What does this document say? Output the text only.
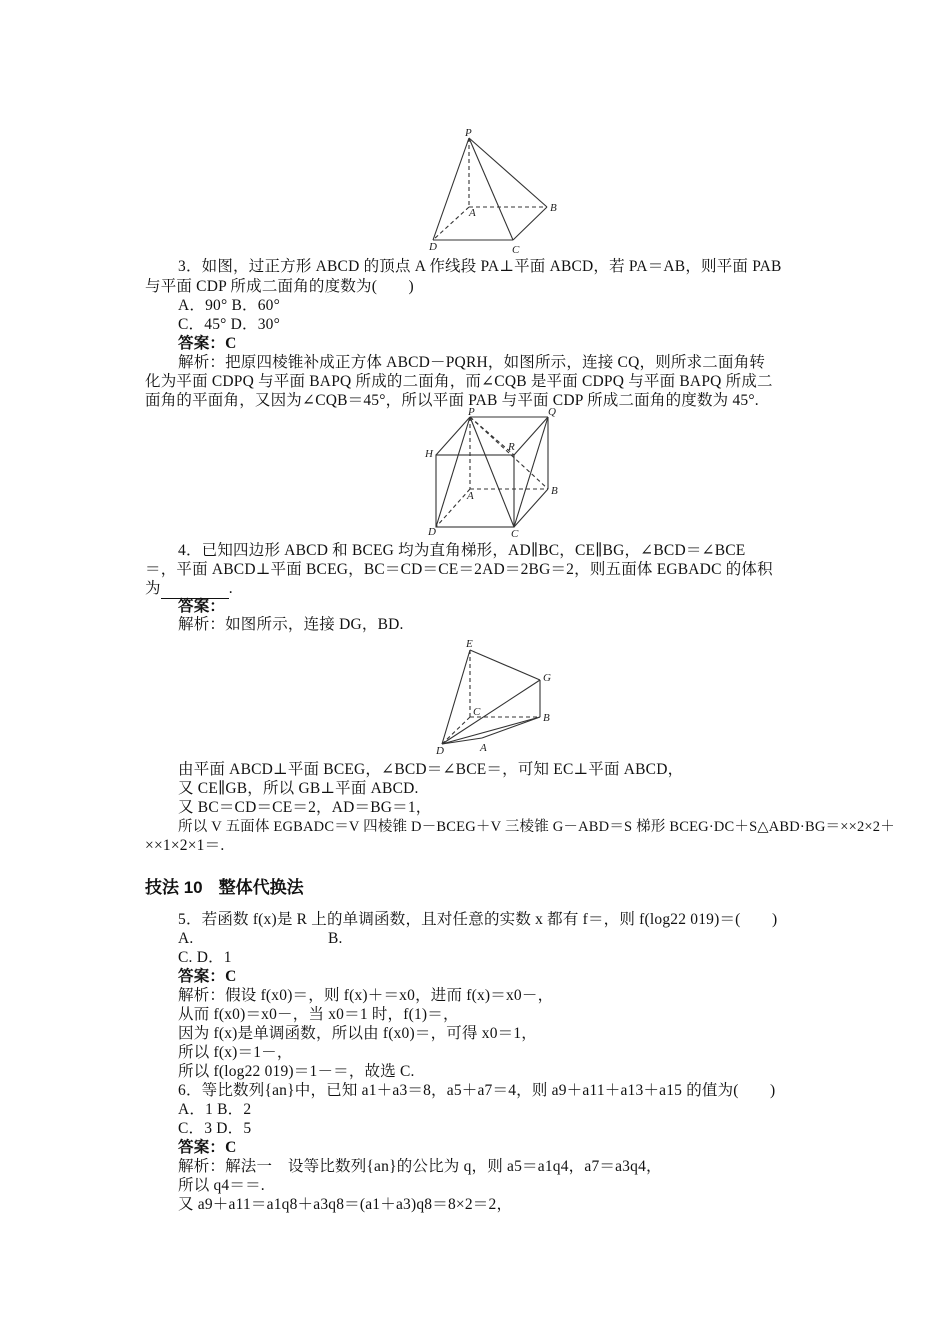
P
A	B
C
D
3．如图，过正方形 ABCD 的顶点 A 作线段 PA⊥平面 ABCD，若 PA＝AB，则平面 PAB
与平面 CDP 所成二面角的度数为(　　)
A．90° B．60°
C．45° D．30°
答案：C
解析：把原四棱锥补成正方体 ABCD－PQRH，如图所示，连接 CQ，则所求二面角转
化为平面 CDPQ 与平面 BAPQ 所成的二面角，而∠CQB 是平面 CDPQ 与平面 BAPQ 所成二
面角的平面角，又因为∠CQB＝45°，所以平面 PAB 与平面 CDP 所成二面角的度数为 45°.
P	Q
R
H
A	B
C
D
4．已知四边形 ABCD 和 BCEG 均为直角梯形，AD∥BC，CE∥BG，∠BCD＝∠BCE
＝，平面 ABCD⊥平面 BCEG，BC＝CD＝CE＝2AD＝2BG＝2，则五面体 EGBADC 的体积
为	.
答案：
解析：如图所示，连接 DG，BD.
E
G
C	B
A
D
由平面 ABCD⊥平面 BCEG，∠BCD＝∠BCE＝，可知 EC⊥平面 ABCD，
又 CE∥GB，所以 GB⊥平面 ABCD.
又 BC＝CD＝CE＝2，AD＝BG＝1，
所以 V 五面体 EGBADC＝V 四棱锥 D－BCEG＋V 三棱锥 G－ABD＝S 梯形 BCEG·DC＋S△ABD·BG＝××2×2＋
××1×2×1＝.
技法 10 整体代换法
5．若函数 f(x)是 R 上的单调函数，且对任意的实数 x 都有 f＝，则 f(log22 019)＝(　　)
A.	B.
C. D．1
答案：C
解析：假设 f(x0)＝，则 f(x)＋＝x0，进而 f(x)＝x0－，
从而 f(x0)＝x0－，当 x0＝1 时，f(1)＝，
因为 f(x)是单调函数，所以由 f(x0)＝，可得 x0＝1，
所以 f(x)＝1－，
所以 f(log22 019)＝1－＝，故选 C.
6．等比数列{an}中，已知 a1＋a3＝8，a5＋a7＝4，则 a9＋a11＋a13＋a15 的值为(　　)
A．1 B．2
C．3 D．5
答案：C
解析：解法一　设等比数列{an}的公比为 q，则 a5＝a1q4，a7＝a3q4，
所以 q4＝＝.
又 a9＋a11＝a1q8＋a3q8＝(a1＋a3)q8＝8×2＝2，
